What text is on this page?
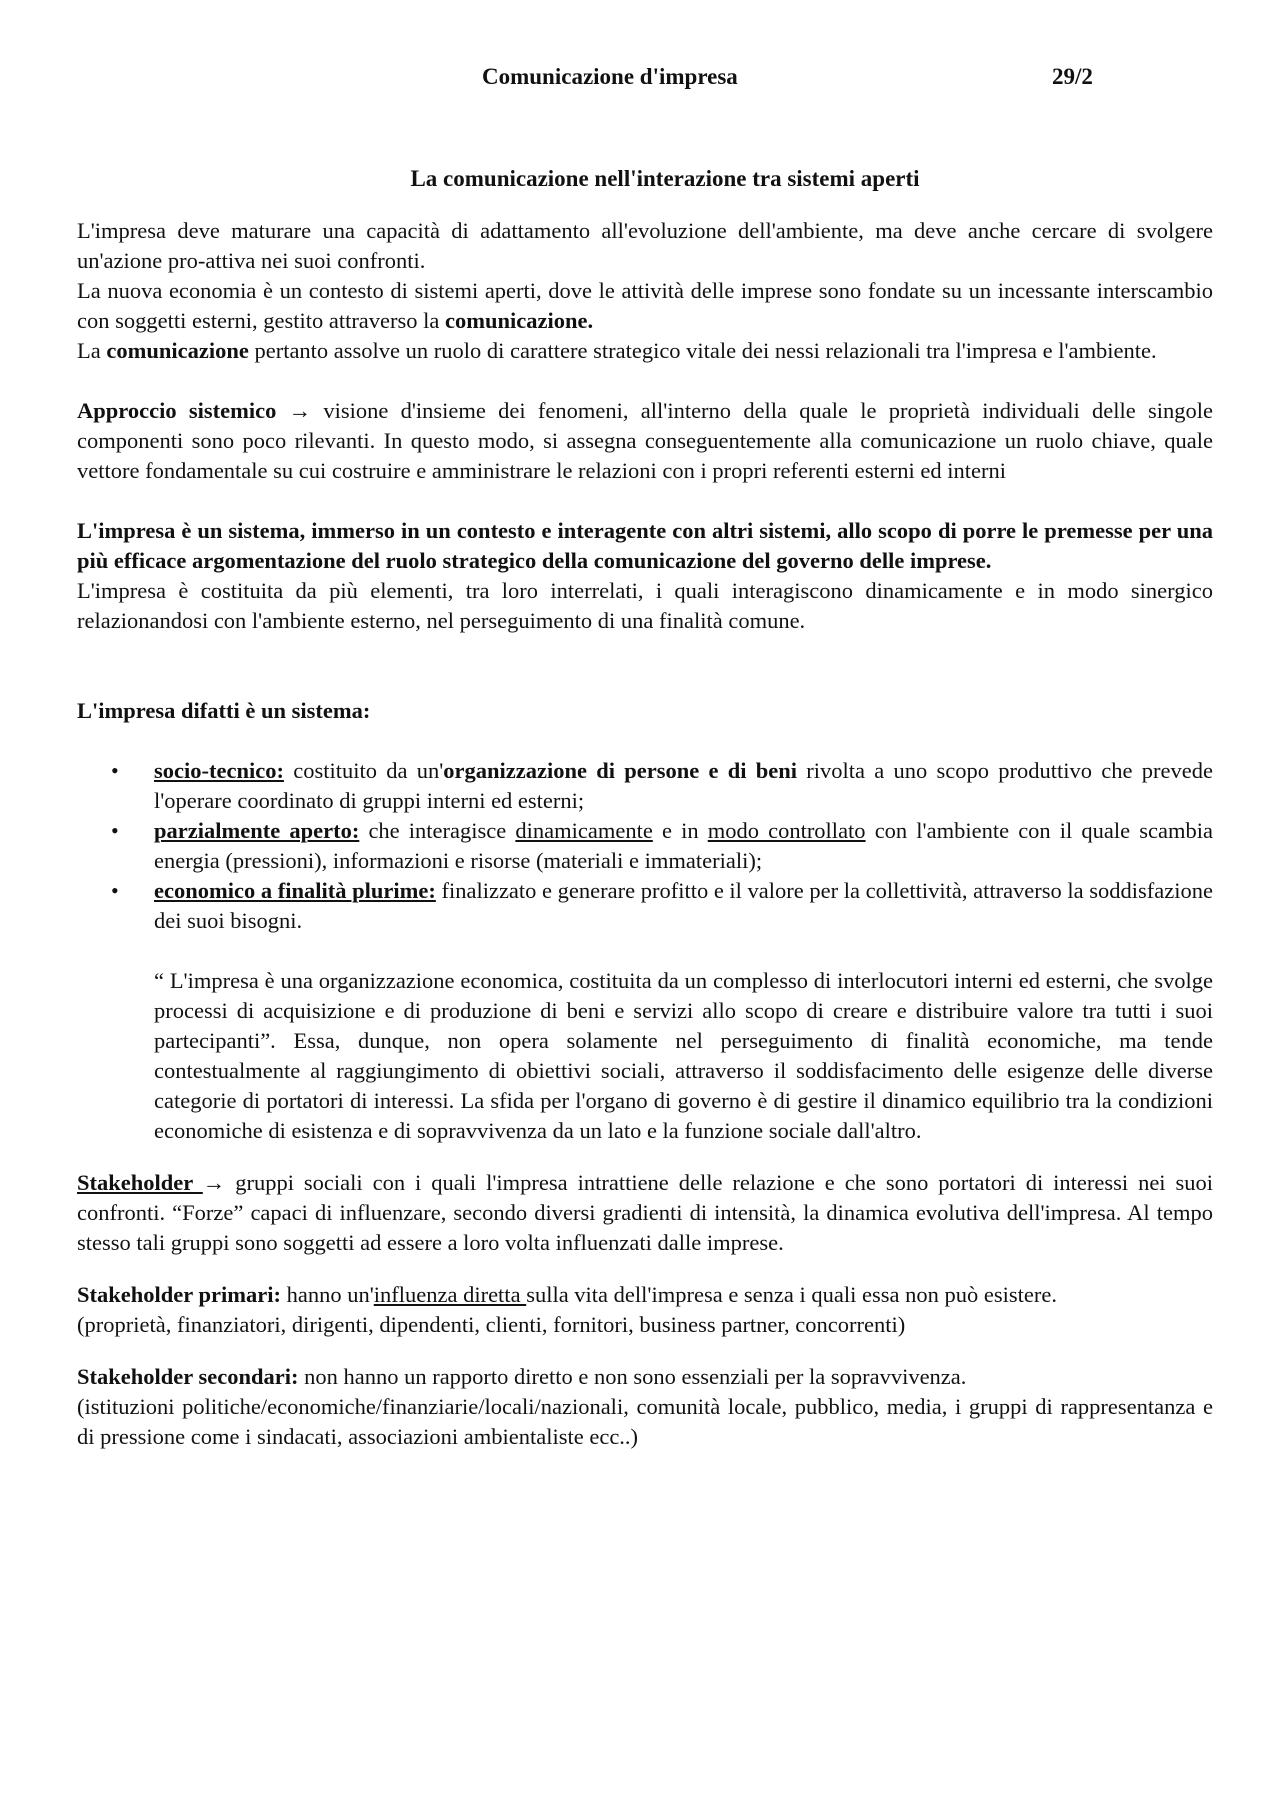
Comunicazione d'impresa	29/2
La comunicazione nell'interazione tra sistemi aperti

L'impresa deve maturare una capacità di adattamento all'evoluzione dell'ambiente, ma deve anche cercare di svolgere un'azione pro-attiva nei suoi confronti.

La nuova economia è un contesto di sistemi aperti, dove le attività delle imprese sono fondate su un incessante interscambio con soggetti esterni, gestito attraverso la comunicazione.

La comunicazione pertanto assolve un ruolo di carattere strategico vitale dei nessi relazionali tra l'impresa e l'ambiente.

Approccio sistemico → visione d'insieme dei fenomeni, all'interno della quale le proprietà individuali delle singole componenti sono poco rilevanti. In questo modo, si assegna conseguentemente alla comunicazione un ruolo chiave, quale vettore fondamentale su cui costruire e amministrare le relazioni con i propri referenti esterni ed interni

L'impresa è un sistema, immerso in un contesto e interagente con altri sistemi, allo scopo di porre le premesse per una più efficace argomentazione del ruolo strategico della comunicazione del governo delle imprese.

L'impresa è costituita da più elementi, tra loro interrelati, i quali interagiscono dinamicamente e in modo sinergico relazionandosi con l'ambiente esterno, nel perseguimento di una finalità comune.

L'impresa difatti è un sistema:

• socio-tecnico: costituito da un'organizzazione di persone e di beni rivolta a uno scopo produttivo che prevede l'operare coordinato di gruppi interni ed esterni;
• parzialmente aperto: che interagisce dinamicamente e in modo controllato con l'ambiente con il quale scambia energia (pressioni), informazioni e risorse (materiali e immateriali);
• economico a finalità plurime: finalizzato e generare profitto e il valore per la collettività, attraverso la soddisfazione dei suoi bisogni.

“ L'impresa è una organizzazione economica, costituita da un complesso di interlocutori interni ed esterni, che svolge processi di acquisizione e di produzione di beni e servizi allo scopo di creare e distribuire valore tra tutti i suoi partecipanti”. Essa, dunque, non opera solamente nel perseguimento di finalità economiche, ma tende contestualmente al raggiungimento di obiettivi sociali, attraverso il soddisfacimento delle esigenze delle diverse categorie di portatori di interessi. La sfida per l'organo di governo è di gestire il dinamico equilibrio tra la condizioni economiche di esistenza e di sopravvivenza da un lato e la funzione sociale dall'altro.

Stakeholder → gruppi sociali con i quali l'impresa intrattiene delle relazione e che sono portatori di interessi nei suoi confronti. “Forze” capaci di influenzare, secondo diversi gradienti di intensità, la dinamica evolutiva dell'impresa. Al tempo stesso tali gruppi sono soggetti ad essere a loro volta influenzati dalle imprese.

Stakeholder primari: hanno un'influenza diretta sulla vita dell'impresa e senza i quali essa non può esistere.

(proprietà, finanziatori, dirigenti, dipendenti, clienti, fornitori, business partner, concorrenti)

Stakeholder secondari: non hanno un rapporto diretto e non sono essenziali per la sopravvivenza.

(istituzioni politiche/economiche/finanziarie/locali/nazionali, comunità locale, pubblico, media, i gruppi di rappresentanza e di pressione come i sindacati, associazioni ambientaliste ecc..)
